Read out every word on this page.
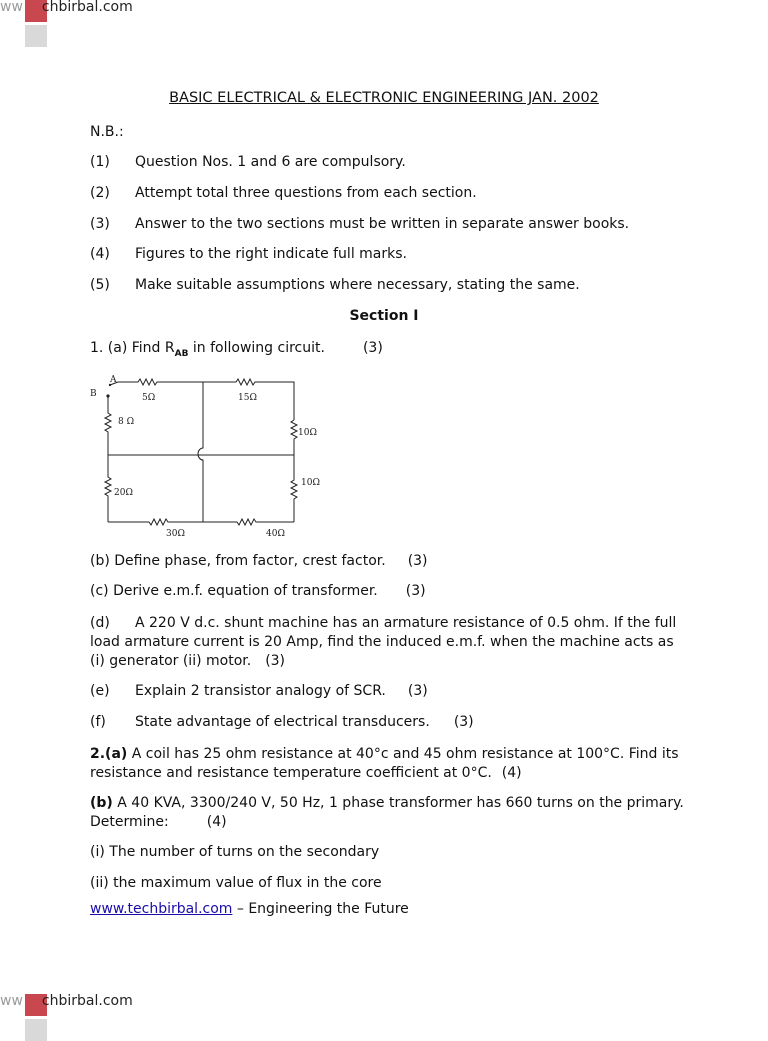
ww chbirbal.com
BASIC ELECTRICAL & ELECTRONIC ENGINEERING JAN. 2002
N.B.:
(1) Question Nos. 1 and 6 are compulsory.
(2) Attempt total three questions from each section.
(3) Answer to the two sections must be written in separate answer books.
(4) Figures to the right indicate full marks.
(5) Make suitable assumptions where necessary, stating the same.
Section I
1. (a) Find $R_{AB}$ in following circuit.	(3)
A
B	5Ω	15Ω
8 Ω
10Ω
10Ω
20Ω
30Ω	40Ω
(b) Define phase, from factor, crest factor. (3)
(c) Derive e.m.f. equation of transformer. (3)
(d) A 220 V d.c. shunt machine has an armature resistance of 0.5 ohm. If the full load armature current is 20 Amp, find the induced e.m.f. when the machine acts as (i) generator (ii) motor. (3)
(e) Explain 2 transistor analogy of SCR. (3)
(f) State advantage of electrical transducers. (3)
2.(a) A coil has 25 ohm resistance at 40°c and 45 ohm resistance at 100°C. Find its resistance and resistance temperature coefficient at 0°C. (4)
(b) A 40 KVA, 3300/240 V, 50 Hz, 1 phase transformer has 660 turns on the primary. Determine:	(4)
(i) The number of turns on the secondary
(ii) the maximum value of flux in the core
www.techbirbal.com – Engineering the Future
ww chbirbal.com
